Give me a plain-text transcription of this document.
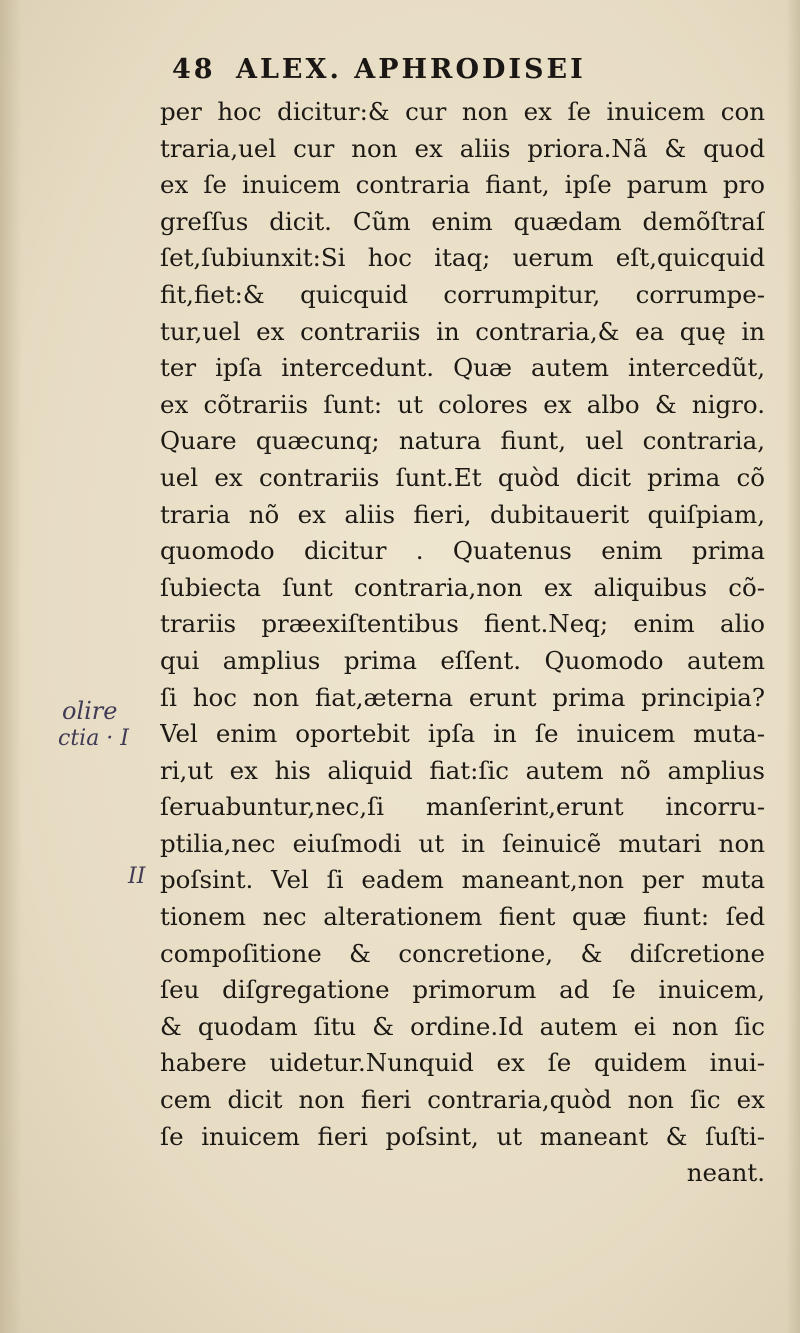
48 ALEX. APHRODISEI
per hoc dicitur:& cur non ex ſe inuicem con
traria,uel cur non ex aliis priora.Nã & quod
ex ſe inuicem contraria fiant, ipſe parum pro
greſſus dicit. Cũm enim quædam demõſtraſ
ſet,ſubiunxit:Si hoc itaq; uerum eſt,quicquid
fit,fiet:& quicquid corrumpitur, corrumpe-
tur,uel ex contrariis in contraria,& ea quę in
ter ipſa intercedunt. Quæ autem intercedũt,
ex cõtrariis ſunt: ut colores ex albo & nigro.
Quare quæcunq; natura fiunt, uel contraria,
uel ex contrariis ſunt.Et quòd dicit prima cõ
traria nõ ex aliis fieri, dubitauerit quiſpiam,
quomodo dicitur . Quatenus enim prima
ſubiecta ſunt contraria,non ex aliquibus cõ-
trariis præexiſtentibus fient.Neq; enim alio
qui amplius prima eſſent. Quomodo autem
ſi hoc non fiat,æterna erunt prima principia?
Vel enim oportebit ipſa in ſe inuicem muta-
ri,ut ex his aliquid fiat:ſic autem nõ amplius
ſeruabuntur,nec,ſi manſerint,erunt incorru-
ptilia,nec eiuſmodi ut in ſeinuicẽ mutari non
poſsint. Vel ſi eadem maneant,non per muta
tionem nec alterationem fient quæ fiunt: ſed
compoſitione & concretione, & diſcretione
ſeu diſgregatione primorum ad ſe inuicem,
& quodam ſitu & ordine.Id autem ei non ſic
habere uidetur.Nunquid ex ſe quidem inui-
cem dicit non fieri contraria,quòd non ſic ex
ſe inuicem fieri poſsint, ut maneant & ſuſti-
neant.
olire
ctia · I
II
